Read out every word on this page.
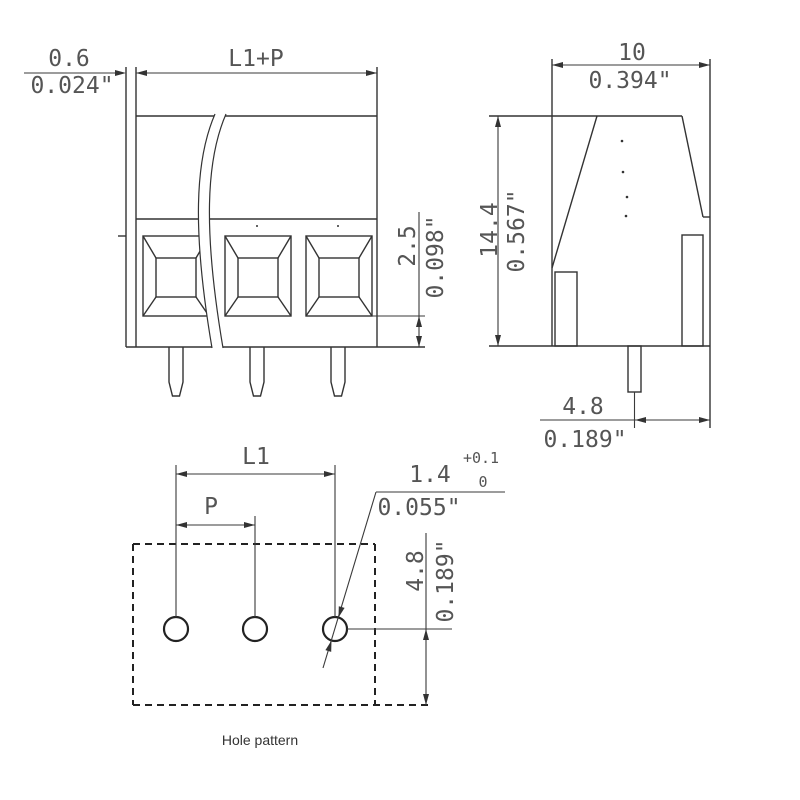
0.6
0.024"
L1+P
2.5 0.098"
10
0.394"
14.4 0.567"
4.8
0.189"
L1
P
1.4
+0.1
0
0.055"
4.8 0.189"
Hole pattern
